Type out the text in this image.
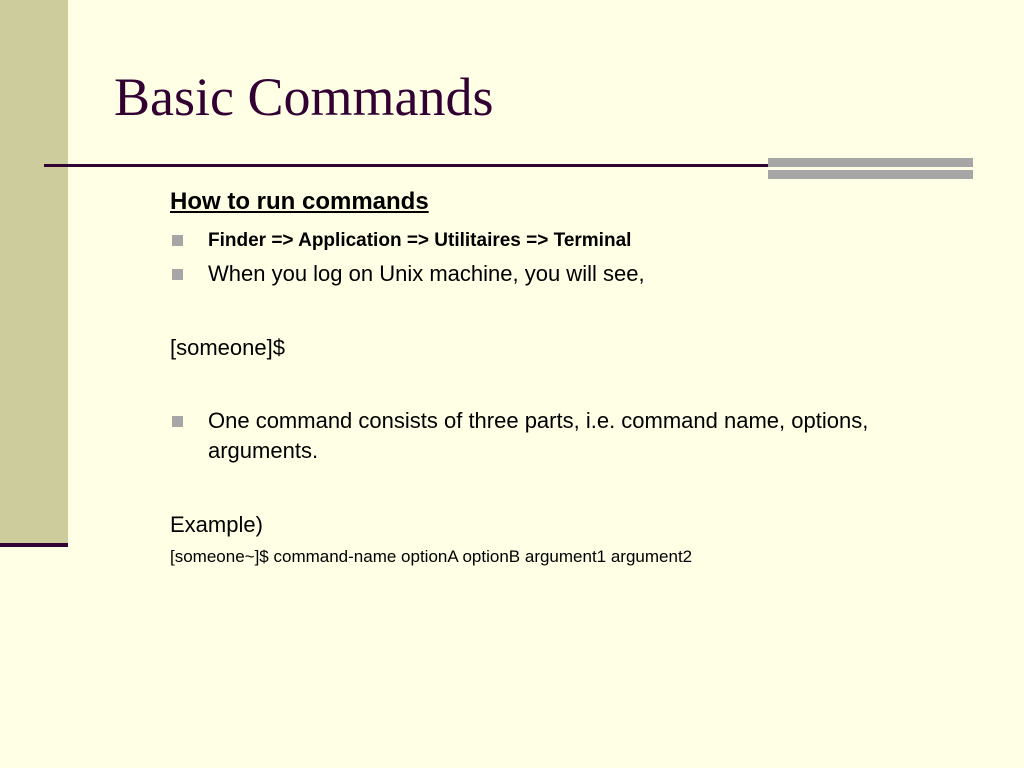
Basic Commands
How to run commands
Finder => Application => Utilitaires => Terminal
When you log on Unix machine, you will see,
[someone]$
One command consists of three parts, i.e. command name, options, arguments.
Example)
[someone~]$ command-name optionA optionB argument1 argument2
